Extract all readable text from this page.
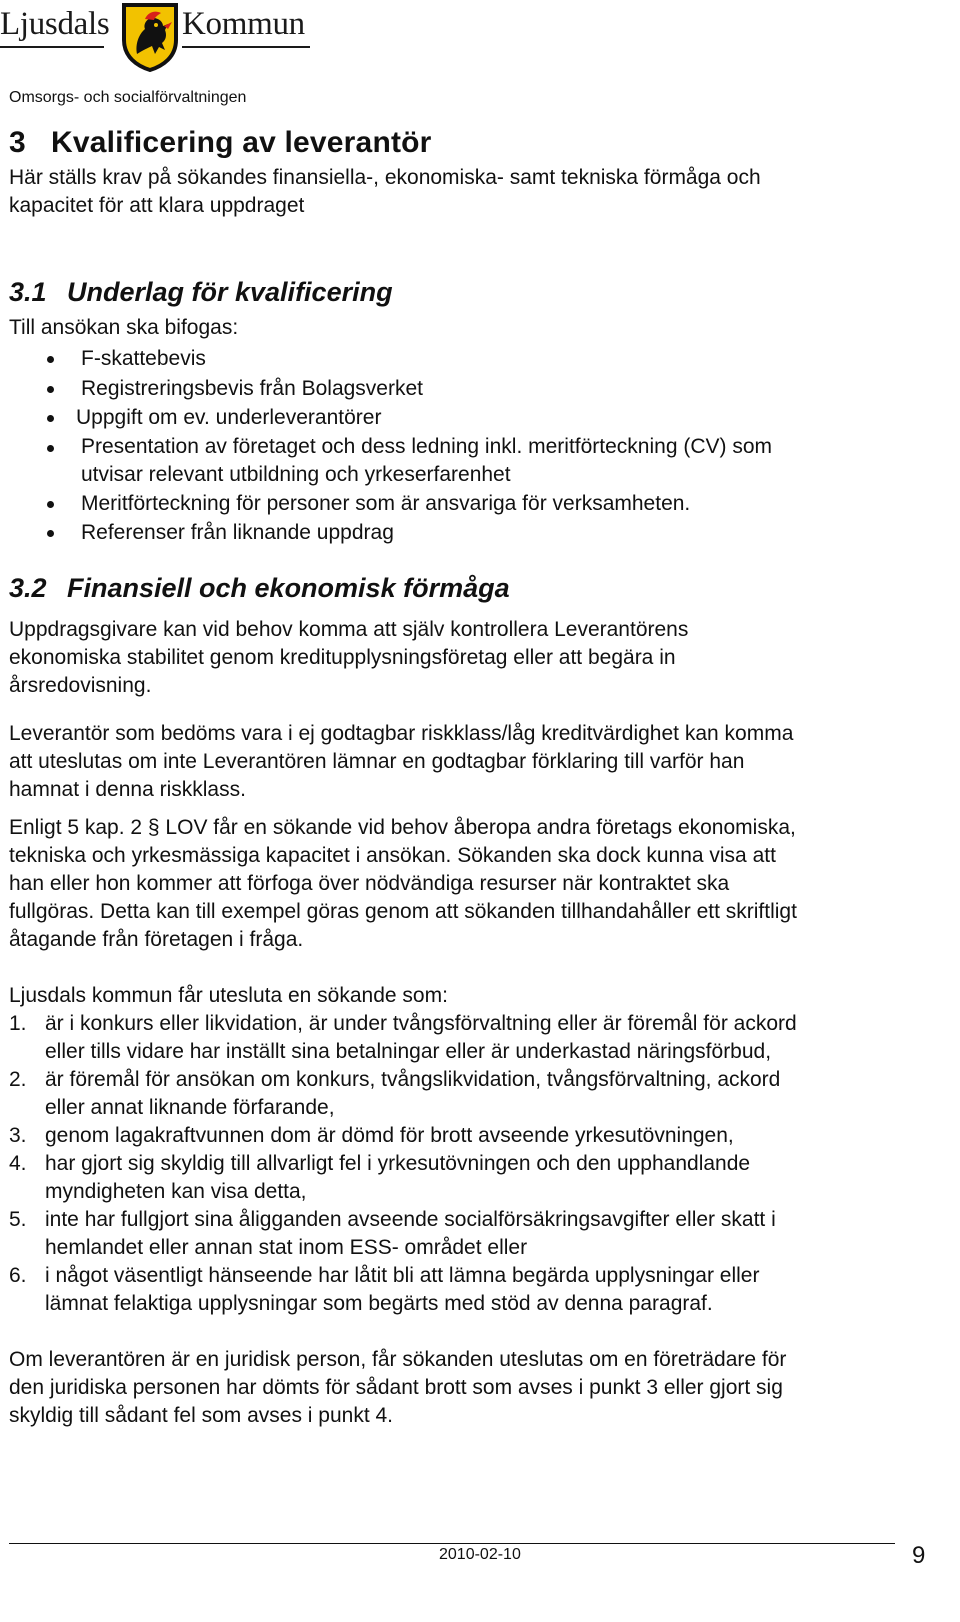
Ljusdals Kommun
Omsorgs- och socialförvaltningen
3 Kvalificering av leverantör

Här ställs krav på sökandes finansiella-, ekonomiska- samt tekniska förmåga och

kapacitet för att klara uppdraget

3.1 Underlag för kvalificering

Till ansökan ska bifogas:

F-skattebevis
Registreringsbevis från Bolagsverket
Uppgift om ev. underleverantörer
Presentation av företaget och dess ledning inkl. meritförteckning (CV) som
utvisar relevant utbildning och yrkeserfarenhet
Meritförteckning för personer som är ansvariga för verksamheten.
Referenser från liknande uppdrag
3.2 Finansiell och ekonomisk förmåga

Uppdragsgivare kan vid behov komma att själv kontrollera Leverantörens

ekonomiska stabilitet genom kreditupplysningsföretag eller att begära in

årsredovisning.

Leverantör som bedöms vara i ej godtagbar riskklass/låg kreditvärdighet kan komma

att uteslutas om inte Leverantören lämnar en godtagbar förklaring till varför han

hamnat i denna riskklass.

Enligt 5 kap. 2 § LOV får en sökande vid behov åberopa andra företags ekonomiska,

tekniska och yrkesmässiga kapacitet i ansökan. Sökanden ska dock kunna visa att

han eller hon kommer att förfoga över nödvändiga resurser när kontraktet ska

fullgöras. Detta kan till exempel göras genom att sökanden tillhandahåller ett skriftligt

åtagande från företagen i fråga.

Ljusdals kommun får utesluta en sökande som:

1. är i konkurs eller likvidation, är under tvångsförvaltning eller är föremål för ackord
eller tills vidare har inställt sina betalningar eller är underkastad näringsförbud,
2. är föremål för ansökan om konkurs, tvångslikvidation, tvångsförvaltning, ackord
eller annat liknande förfarande,
3. genom lagakraftvunnen dom är dömd för brott avseende yrkesutövningen,
4. har gjort sig skyldig till allvarligt fel i yrkesutövningen och den upphandlande
myndigheten kan visa detta,
5. inte har fullgjort sina åligganden avseende socialförsäkringsavgifter eller skatt i
hemlandet eller annan stat inom ESS- området eller
6. i något väsentligt hänseende har låtit bli att lämna begärda upplysningar eller
lämnat felaktiga upplysningar som begärts med stöd av denna paragraf.

Om leverantören är en juridisk person, får sökanden uteslutas om en företrädare för

den juridiska personen har dömts för sådant brott som avses i punkt 3 eller gjort sig

skyldig till sådant fel som avses i punkt 4.

2010-02-10	9
